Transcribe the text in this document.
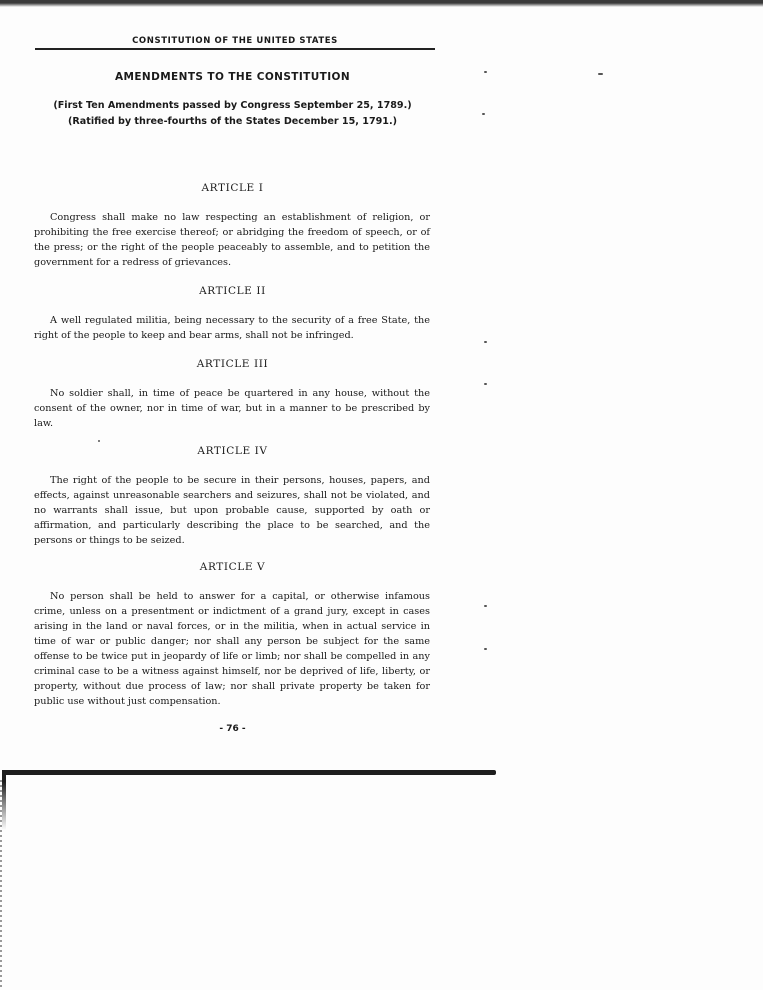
CONSTITUTION OF THE UNITED STATES
AMENDMENTS TO THE CONSTITUTION
(First Ten Amendments passed by Congress September 25, 1789.)
(Ratified by three-fourths of the States December 15, 1791.)
ARTICLE I

Congress shall make no law respecting an establishment of religion, or prohibiting the free exercise thereof; or abridging the freedom of speech, or of the press; or the right of the people peaceably to assemble, and to petition the government for a redress of grievances.

ARTICLE II

A well regulated militia, being necessary to the security of a free State, the right of the people to keep and bear arms, shall not be infringed.

ARTICLE III

No soldier shall, in time of peace be quartered in any house, without the consent of the owner, nor in time of war, but in a manner to be prescribed by law.

ARTICLE IV

The right of the people to be secure in their persons, houses, papers, and effects, against unreasonable searchers and seizures, shall not be violated, and no warrants shall issue, but upon probable cause, supported by oath or affirmation, and particularly describing the place to be searched, and the persons or things to be seized.

ARTICLE V

No person shall be held to answer for a capital, or otherwise infamous crime, unless on a presentment or indictment of a grand jury, except in cases arising in the land or naval forces, or in the militia, when in actual service in time of war or public danger; nor shall any person be subject for the same offense to be twice put in jeopardy of life or limb; nor shall be compelled in any criminal case to be a witness against himself, nor be deprived of life, liberty, or property, without due process of law; nor shall private property be taken for public use without just compensation.

- 76 -
